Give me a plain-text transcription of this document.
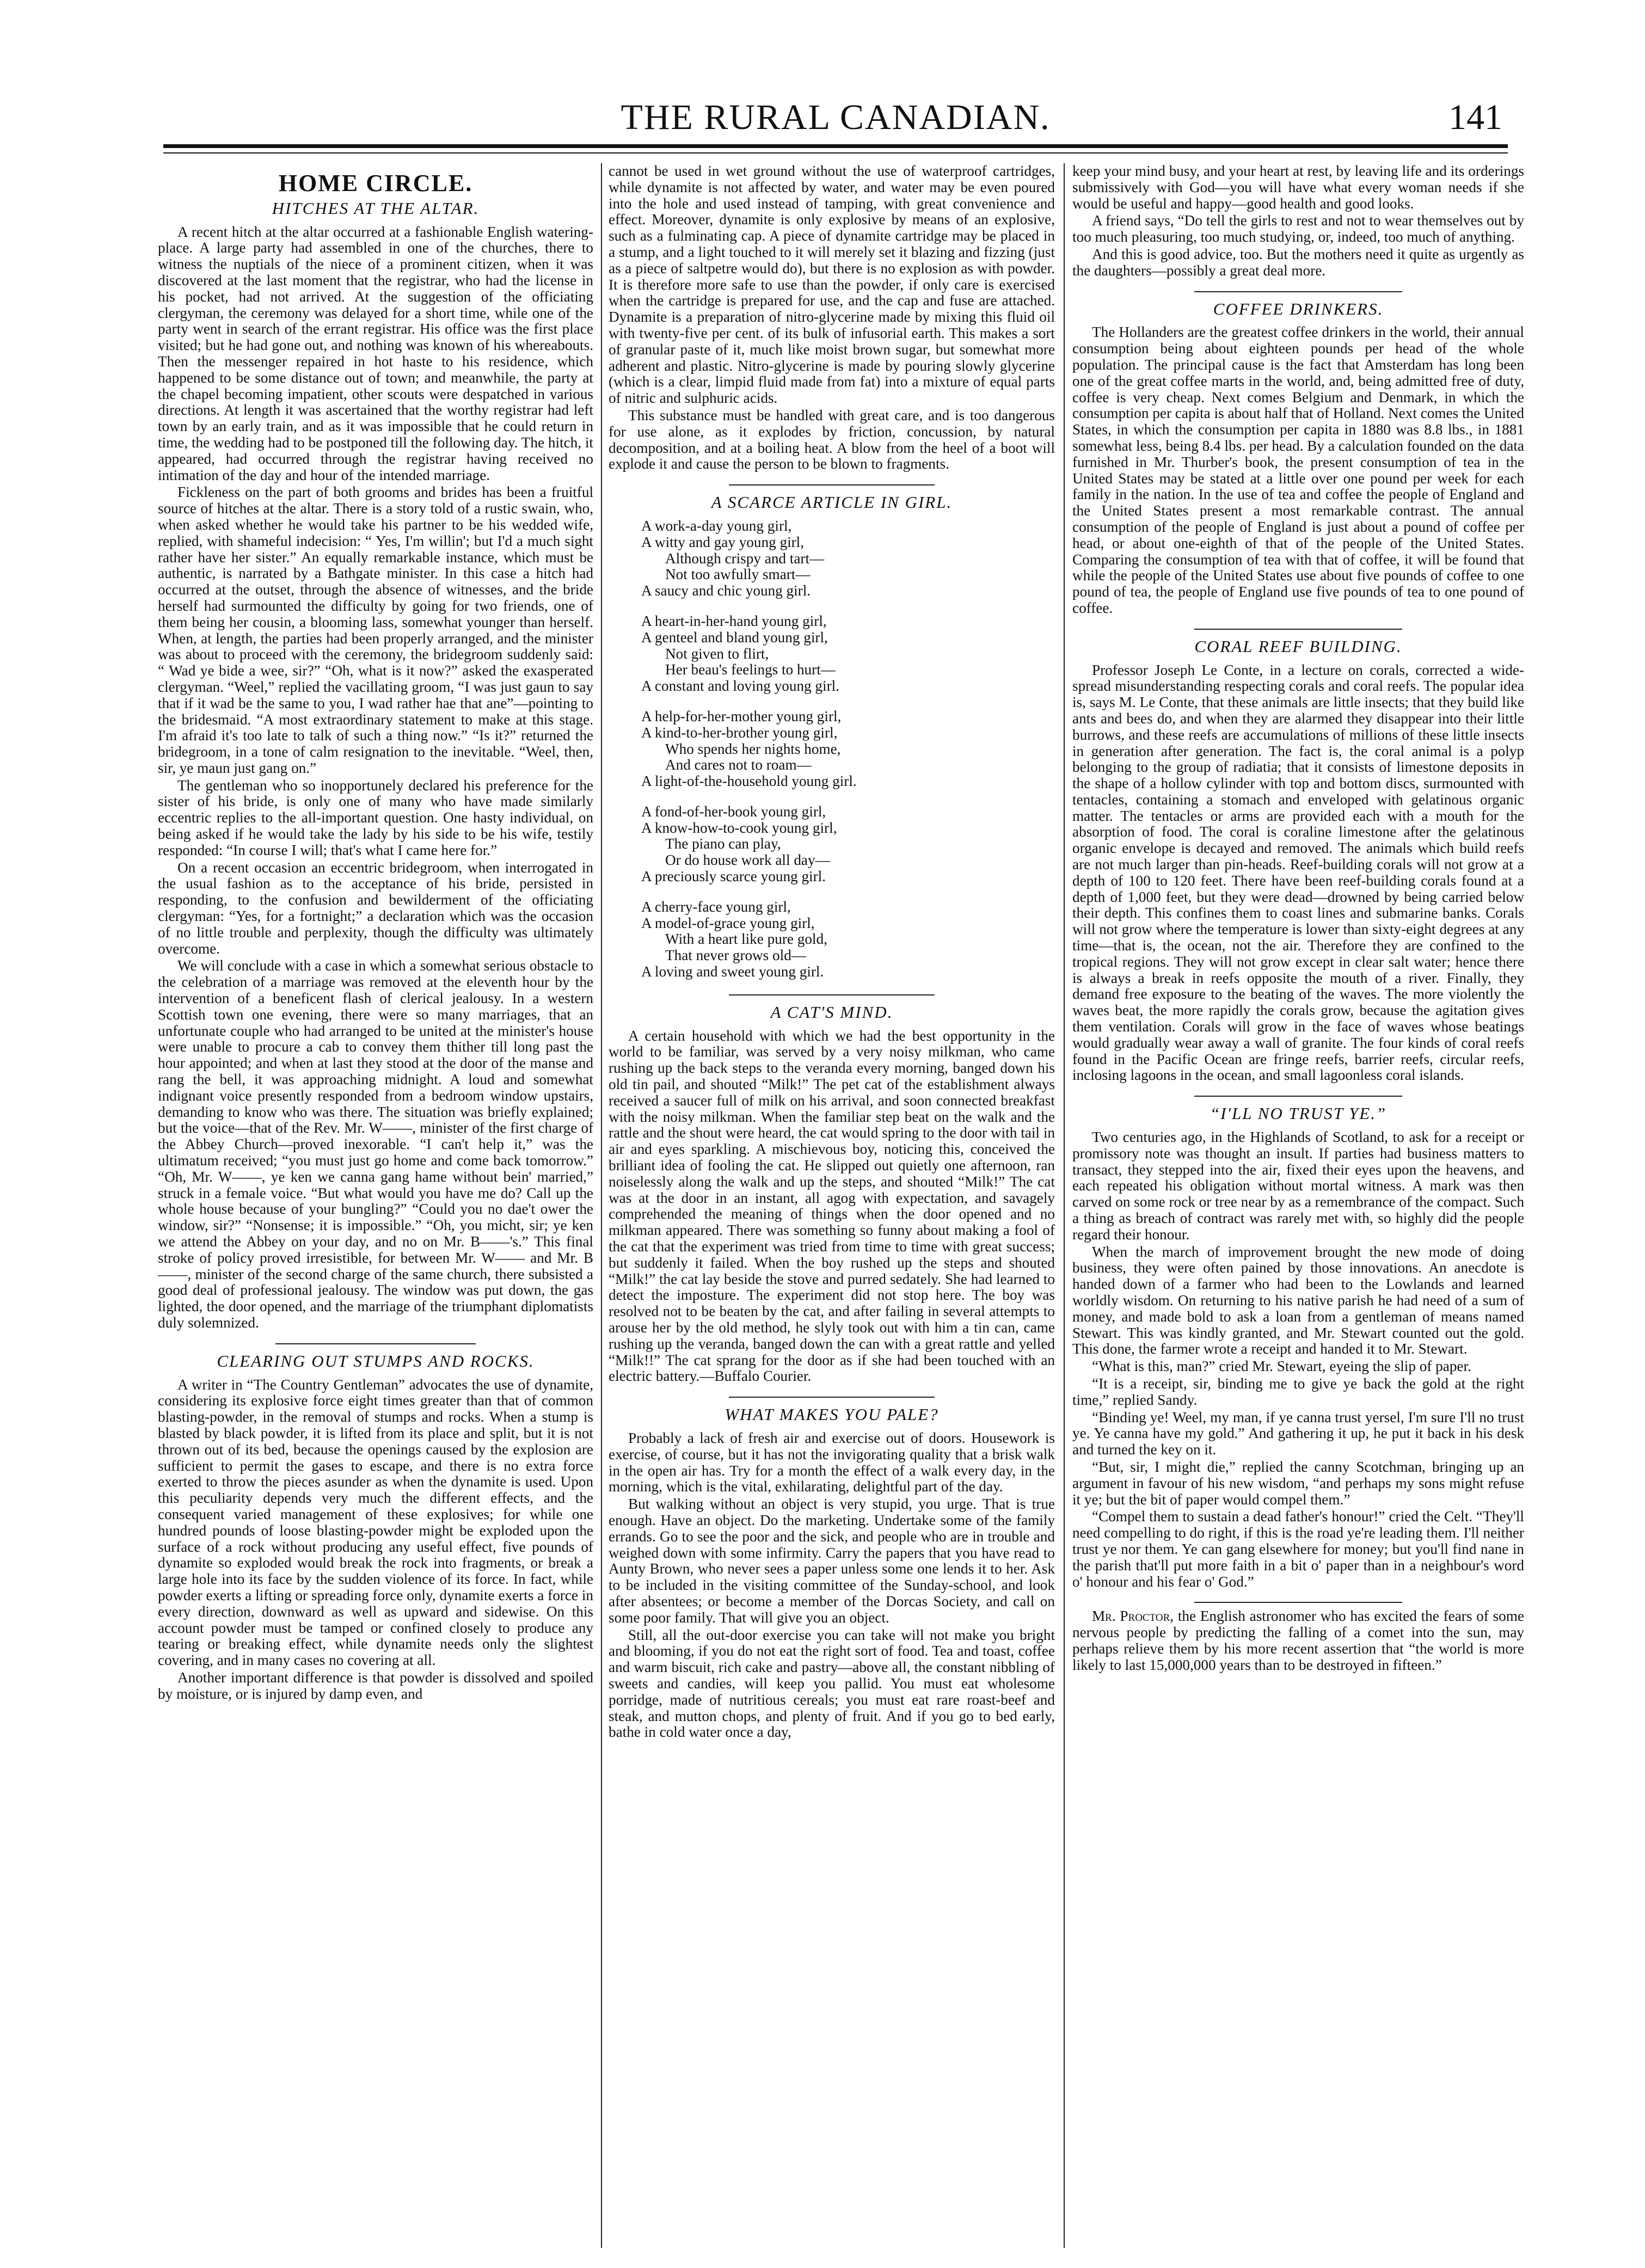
THE RURAL CANADIAN.	141
HOME CIRCLE.
HITCHES AT THE ALTAR.

A recent hitch at the altar occurred at a fashionable English watering-place. A large party had assembled in one of the churches, there to witness the nuptials of the niece of a prominent citizen, when it was discovered at the last moment that the registrar, who had the license in his pocket, had not arrived. At the suggestion of the officiating clergyman, the ceremony was delayed for a short time, while one of the party went in search of the errant registrar. His office was the first place visited; but he had gone out, and nothing was known of his whereabouts. Then the messenger repaired in hot haste to his residence, which happened to be some distance out of town; and meanwhile, the party at the chapel becoming impatient, other scouts were despatched in various directions. At length it was ascertained that the worthy registrar had left town by an early train, and as it was impossible that he could return in time, the wedding had to be postponed till the following day. The hitch, it appeared, had occurred through the registrar having received no intimation of the day and hour of the intended marriage.

Fickleness on the part of both grooms and brides has been a fruitful source of hitches at the altar. There is a story told of a rustic swain, who, when asked whether he would take his partner to be his wedded wife, replied, with shameful indecision: “ Yes, I'm willin'; but I'd a much sight rather have her sister.” An equally remarkable instance, which must be authentic, is narrated by a Bathgate minister. In this case a hitch had occurred at the outset, through the absence of witnesses, and the bride herself had surmounted the difficulty by going for two friends, one of them being her cousin, a blooming lass, somewhat younger than herself. When, at length, the parties had been properly arranged, and the minister was about to proceed with the ceremony, the bridegroom suddenly said: “ Wad ye bide a wee, sir?” “Oh, what is it now?” asked the exasperated clergyman. “Weel,” replied the vacillating groom, “I was just gaun to say that if it wad be the same to you, I wad rather hae that ane”—pointing to the bridesmaid. “A most extraordinary statement to make at this stage. I'm afraid it's too late to talk of such a thing now.” “Is it?” returned the bridegroom, in a tone of calm resignation to the inevitable. “Weel, then, sir, ye maun just gang on.”

The gentleman who so inopportunely declared his preference for the sister of his bride, is only one of many who have made similarly eccentric replies to the all-important question. One hasty individual, on being asked if he would take the lady by his side to be his wife, testily responded: “In course I will; that's what I came here for.”

On a recent occasion an eccentric bridegroom, when interrogated in the usual fashion as to the acceptance of his bride, persisted in responding, to the confusion and bewilderment of the officiating clergyman: “Yes, for a fortnight;” a declaration which was the occasion of no little trouble and perplexity, though the difficulty was ultimately overcome.

We will conclude with a case in which a somewhat serious obstacle to the celebration of a marriage was removed at the eleventh hour by the intervention of a beneficent flash of clerical jealousy. In a western Scottish town one evening, there were so many marriages, that an unfortunate couple who had arranged to be united at the minister's house were unable to procure a cab to convey them thither till long past the hour appointed; and when at last they stood at the door of the manse and rang the bell, it was approaching midnight. A loud and somewhat indignant voice presently responded from a bedroom window upstairs, demanding to know who was there. The situation was briefly explained; but the voice—that of the Rev. Mr. W——, minister of the first charge of the Abbey Church—proved inexorable. “I can't help it,” was the ultimatum received; “you must just go home and come back tomorrow.” “Oh, Mr. W——, ye ken we canna gang hame without bein' married,” struck in a female voice. “But what would you have me do? Call up the whole house because of your bungling?” “Could you no dae't ower the window, sir?” “Nonsense; it is impossible.” “Oh, you micht, sir; ye ken we attend the Abbey on your day, and no on Mr. B——'s.” This final stroke of policy proved irresistible, for between Mr. W—— and Mr. B——, minister of the second charge of the same church, there subsisted a good deal of professional jealousy. The window was put down, the gas lighted, the door opened, and the marriage of the triumphant diplomatists duly solemnized.

CLEARING OUT STUMPS AND ROCKS.

A writer in “The Country Gentleman” advocates the use of dynamite, considering its explosive force eight times greater than that of common blasting-powder, in the removal of stumps and rocks. When a stump is blasted by black powder, it is lifted from its place and split, but it is not thrown out of its bed, because the openings caused by the explosion are sufficient to permit the gases to escape, and there is no extra force exerted to throw the pieces asunder as when the dynamite is used. Upon this peculiarity depends very much the different effects, and the consequent varied management of these explosives; for while one hundred pounds of loose blasting-powder might be exploded upon the surface of a rock without producing any useful effect, five pounds of dynamite so exploded would break the rock into fragments, or break a large hole into its face by the sudden violence of its force. In fact, while powder exerts a lifting or spreading force only, dynamite exerts a force in every direction, downward as well as upward and sidewise. On this account powder must be tamped or confined closely to produce any tearing or breaking effect, while dynamite needs only the slightest covering, and in many cases no covering at all.

Another important difference is that powder is dissolved and spoiled by moisture, or is injured by damp even, and

cannot be used in wet ground without the use of waterproof cartridges, while dynamite is not affected by water, and water may be even poured into the hole and used instead of tamping, with great convenience and effect. Moreover, dynamite is only explosive by means of an explosive, such as a fulminating cap. A piece of dynamite cartridge may be placed in a stump, and a light touched to it will merely set it blazing and fizzing (just as a piece of saltpetre would do), but there is no explosion as with powder. It is therefore more safe to use than the powder, if only care is exercised when the cartridge is prepared for use, and the cap and fuse are attached. Dynamite is a preparation of nitro-glycerine made by mixing this fluid oil with twenty-five per cent. of its bulk of infusorial earth. This makes a sort of granular paste of it, much like moist brown sugar, but somewhat more adherent and plastic. Nitro-glycerine is made by pouring slowly glycerine (which is a clear, limpid fluid made from fat) into a mixture of equal parts of nitric and sulphuric acids.

This substance must be handled with great care, and is too dangerous for use alone, as it explodes by friction, concussion, by natural decomposition, and at a boiling heat. A blow from the heel of a boot will explode it and cause the person to be blown to fragments.

A SCARCE ARTICLE IN GIRL.
A work-a-day young girl,
A witty and gay young girl,
Although crispy and tart—
Not too awfully smart—
A saucy and chic young girl.
A heart-in-her-hand young girl,
A genteel and bland young girl,
Not given to flirt,
Her beau's feelings to hurt—
A constant and loving young girl.
A help-for-her-mother young girl,
A kind-to-her-brother young girl,
Who spends her nights home,
And cares not to roam—
A light-of-the-household young girl.
A fond-of-her-book young girl,
A know-how-to-cook young girl,
The piano can play,
Or do house work all day—
A preciously scarce young girl.
A cherry-face young girl,
A model-of-grace young girl,
With a heart like pure gold,
That never grows old—
A loving and sweet young girl.
A CAT'S MIND.

A certain household with which we had the best opportunity in the world to be familiar, was served by a very noisy milkman, who came rushing up the back steps to the veranda every morning, banged down his old tin pail, and shouted “Milk!” The pet cat of the establishment always received a saucer full of milk on his arrival, and soon connected breakfast with the noisy milkman. When the familiar step beat on the walk and the rattle and the shout were heard, the cat would spring to the door with tail in air and eyes sparkling. A mischievous boy, noticing this, conceived the brilliant idea of fooling the cat. He slipped out quietly one afternoon, ran noiselessly along the walk and up the steps, and shouted “Milk!” The cat was at the door in an instant, all agog with expectation, and savagely comprehended the meaning of things when the door opened and no milkman appeared. There was something so funny about making a fool of the cat that the experiment was tried from time to time with great success; but suddenly it failed. When the boy rushed up the steps and shouted “Milk!” the cat lay beside the stove and purred sedately. She had learned to detect the imposture. The experiment did not stop here. The boy was resolved not to be beaten by the cat, and after failing in several attempts to arouse her by the old method, he slyly took out with him a tin can, came rushing up the veranda, banged down the can with a great rattle and yelled “Milk!!” The cat sprang for the door as if she had been touched with an electric battery.—Buffalo Courier.

WHAT MAKES YOU PALE?

Probably a lack of fresh air and exercise out of doors. Housework is exercise, of course, but it has not the invigorating quality that a brisk walk in the open air has. Try for a month the effect of a walk every day, in the morning, which is the vital, exhilarating, delightful part of the day.

But walking without an object is very stupid, you urge. That is true enough. Have an object. Do the marketing. Undertake some of the family errands. Go to see the poor and the sick, and people who are in trouble and weighed down with some infirmity. Carry the papers that you have read to Aunty Brown, who never sees a paper unless some one lends it to her. Ask to be included in the visiting committee of the Sunday-school, and look after absentees; or become a member of the Dorcas Society, and call on some poor family. That will give you an object.

Still, all the out-door exercise you can take will not make you bright and blooming, if you do not eat the right sort of food. Tea and toast, coffee and warm biscuit, rich cake and pastry—above all, the constant nibbling of sweets and candies, will keep you pallid. You must eat wholesome porridge, made of nutritious cereals; you must eat rare roast-beef and steak, and mutton chops, and plenty of fruit. And if you go to bed early, bathe in cold water once a day,

keep your mind busy, and your heart at rest, by leaving life and its orderings submissively with God—you will have what every woman needs if she would be useful and happy—good health and good looks.

A friend says, “Do tell the girls to rest and not to wear themselves out by too much pleasuring, too much studying, or, indeed, too much of anything.

And this is good advice, too. But the mothers need it quite as urgently as the daughters—possibly a great deal more.

COFFEE DRINKERS.

The Hollanders are the greatest coffee drinkers in the world, their annual consumption being about eighteen pounds per head of the whole population. The principal cause is the fact that Amsterdam has long been one of the great coffee marts in the world, and, being admitted free of duty, coffee is very cheap. Next comes Belgium and Denmark, in which the consumption per capita is about half that of Holland. Next comes the United States, in which the consumption per capita in 1880 was 8.8 lbs., in 1881 somewhat less, being 8.4 lbs. per head. By a calculation founded on the data furnished in Mr. Thurber's book, the present consumption of tea in the United States may be stated at a little over one pound per week for each family in the nation. In the use of tea and coffee the people of England and the United States present a most remarkable contrast. The annual consumption of the people of England is just about a pound of coffee per head, or about one-eighth of that of the people of the United States. Comparing the consumption of tea with that of coffee, it will be found that while the people of the United States use about five pounds of coffee to one pound of tea, the people of England use five pounds of tea to one pound of coffee.

CORAL REEF BUILDING.

Professor Joseph Le Conte, in a lecture on corals, corrected a wide-spread misunderstanding respecting corals and coral reefs. The popular idea is, says M. Le Conte, that these animals are little insects; that they build like ants and bees do, and when they are alarmed they disappear into their little burrows, and these reefs are accumulations of millions of these little insects in generation after generation. The fact is, the coral animal is a polyp belonging to the group of radiatia; that it consists of limestone deposits in the shape of a hollow cylinder with top and bottom discs, surmounted with tentacles, containing a stomach and enveloped with gelatinous organic matter. The tentacles or arms are provided each with a mouth for the absorption of food. The coral is coraline limestone after the gelatinous organic envelope is decayed and removed. The animals which build reefs are not much larger than pin-heads. Reef-building corals will not grow at a depth of 100 to 120 feet. There have been reef-building corals found at a depth of 1,000 feet, but they were dead—drowned by being carried below their depth. This confines them to coast lines and submarine banks. Corals will not grow where the temperature is lower than sixty-eight degrees at any time—that is, the ocean, not the air. Therefore they are confined to the tropical regions. They will not grow except in clear salt water; hence there is always a break in reefs opposite the mouth of a river. Finally, they demand free exposure to the beating of the waves. The more violently the waves beat, the more rapidly the corals grow, because the agitation gives them ventilation. Corals will grow in the face of waves whose beatings would gradually wear away a wall of granite. The four kinds of coral reefs found in the Pacific Ocean are fringe reefs, barrier reefs, circular reefs, inclosing lagoons in the ocean, and small lagoonless coral islands.

“I'LL NO TRUST YE.”

Two centuries ago, in the Highlands of Scotland, to ask for a receipt or promissory note was thought an insult. If parties had business matters to transact, they stepped into the air, fixed their eyes upon the heavens, and each repeated his obligation without mortal witness. A mark was then carved on some rock or tree near by as a remembrance of the compact. Such a thing as breach of contract was rarely met with, so highly did the people regard their honour.

When the march of improvement brought the new mode of doing business, they were often pained by those innovations. An anecdote is handed down of a farmer who had been to the Lowlands and learned worldly wisdom. On returning to his native parish he had need of a sum of money, and made bold to ask a loan from a gentleman of means named Stewart. This was kindly granted, and Mr. Stewart counted out the gold. This done, the farmer wrote a receipt and handed it to Mr. Stewart.

“What is this, man?” cried Mr. Stewart, eyeing the slip of paper.

“It is a receipt, sir, binding me to give ye back the gold at the right time,” replied Sandy.

“Binding ye! Weel, my man, if ye canna trust yersel, I'm sure I'll no trust ye. Ye canna have my gold.” And gathering it up, he put it back in his desk and turned the key on it.

“But, sir, I might die,” replied the canny Scotchman, bringing up an argument in favour of his new wisdom, “and perhaps my sons might refuse it ye; but the bit of paper would compel them.”

“Compel them to sustain a dead father's honour!” cried the Celt. “They'll need compelling to do right, if this is the road ye're leading them. I'll neither trust ye nor them. Ye can gang elsewhere for money; but you'll find nane in the parish that'll put more faith in a bit o' paper than in a neighbour's word o' honour and his fear o' God.”

Mr. Proctor, the English astronomer who has excited the fears of some nervous people by predicting the falling of a comet into the sun, may perhaps relieve them by his more recent assertion that “the world is more likely to last 15,000,000 years than to be destroyed in fifteen.”
